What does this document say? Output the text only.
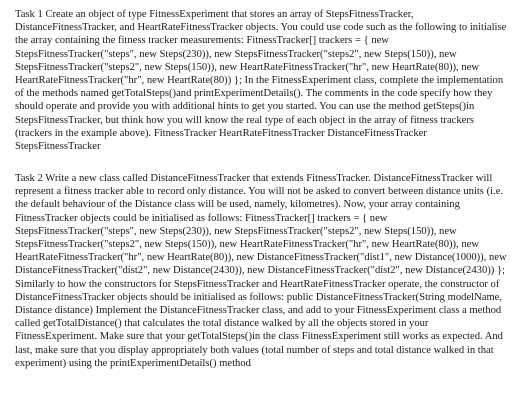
Task 1 Create an object of type FitnessExperiment that stores an array of StepsFitnessTracker, DistanceFitnessTracker, and HeartRateFitnessTracker objects. You could use code such as the following to initialise the array containing the fitness tracker measurements: FitnessTracker[] trackers = { new StepsFitnessTracker("steps", new Steps(230)), new StepsFitnessTracker("steps2", new Steps(150)), new StepsFitnessTracker("steps2", new Steps(150)), new HeartRateFitnessTracker("hr", new HeartRate(80)), new HeartRateFitnessTracker("hr", new HeartRate(80)) }; In the FitnessExperiment class, complete the implementation of the methods named getTotalSteps()and printExperimentDetails(). The comments in the code specify how they should operate and provide you with additional hints to get you started. You can use the method getSteps()in StepsFitnessTracker, but think how you will know the real type of each object in the array of fitness trackers (trackers in the example above). FitnessTracker HeartRateFitnessTracker DistanceFitnessTracker StepsFitnessTracker

Task 2 Write a new class called DistanceFitnessTracker that extends FitnessTracker. DistanceFitnessTracker will represent a fitness tracker able to record only distance. You will not be asked to convert between distance units (i.e. the default behaviour of the Distance class will be used, namely, kilometres). Now, your array containing FitnessTracker objects could be initialised as follows: FitnessTracker[] trackers = { new StepsFitnessTracker("steps", new Steps(230)), new StepsFitnessTracker("steps2", new Steps(150)), new StepsFitnessTracker("steps2", new Steps(150)), new HeartRateFitnessTracker("hr", new HeartRate(80)), new HeartRateFitnessTracker("hr", new HeartRate(80)), new DistanceFitnessTracker("dist1", new Distance(1000)), new DistanceFitnessTracker("dist2", new Distance(2430)), new DistanceFitnessTracker("dist2", new Distance(2430)) }; Similarly to how the constructors for StepsFitnessTracker and HeartRateFitnessTracker operate, the constructor of DistanceFitnessTracker objects should be initialised as follows: public DistanceFitnessTracker(String modelName, Distance distance) Implement the DistanceFitnessTracker class, and add to your FitnessExperiment class a method called getTotalDistance() that calculates the total distance walked by all the objects stored in your FitnessExperiment. Make sure that your getTotalSteps()in the class FitnessExperiment still works as expected. And last, make sure that you display appropriately both values (total number of steps and total distance walked in that experiment) using the printExperimentDetails() method
